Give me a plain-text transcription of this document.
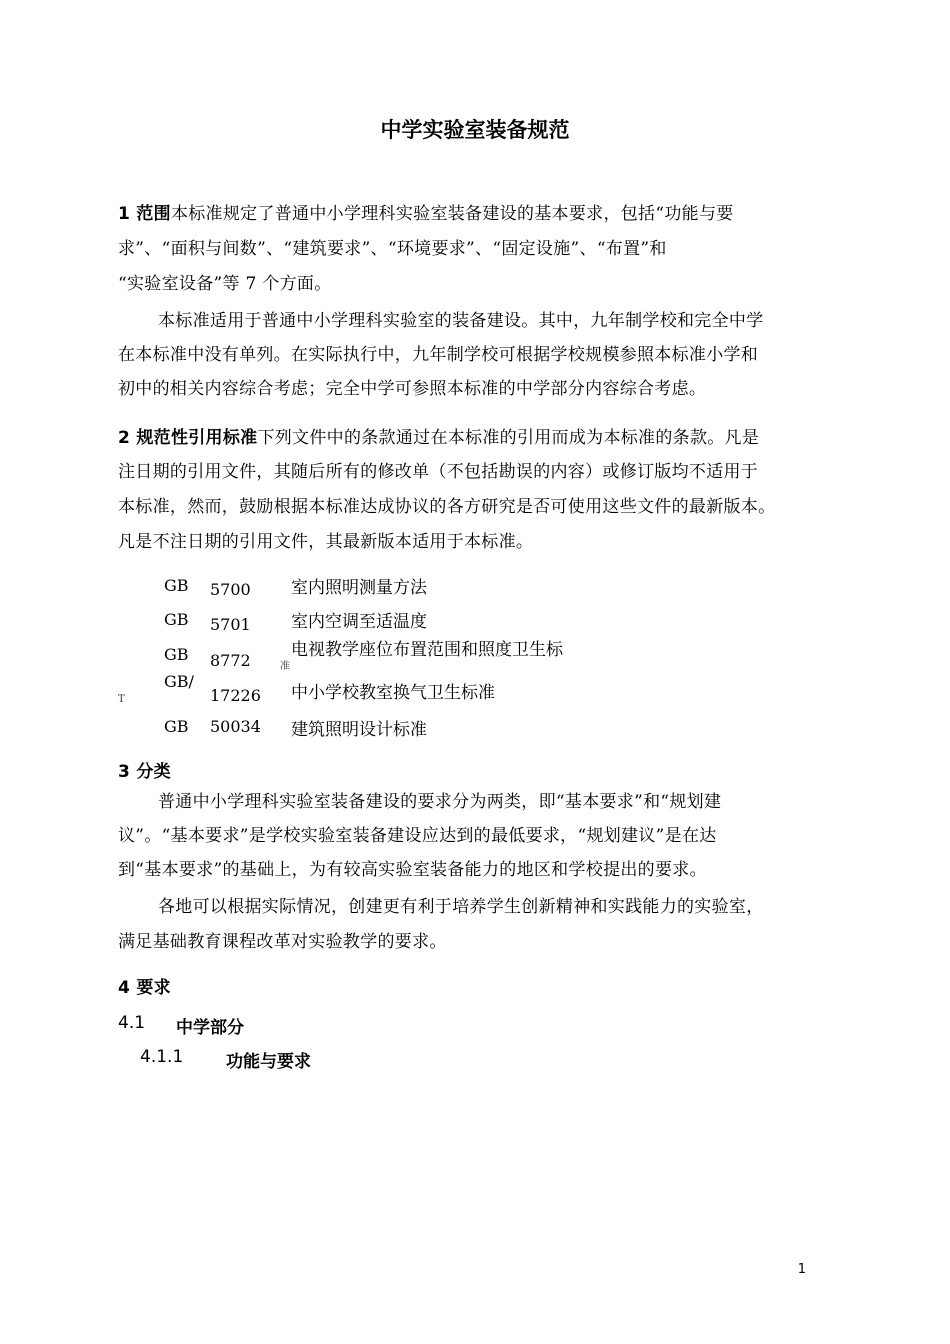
中学实验室装备规范
1 范围本标准规定了普通中小学理科实验室装备建设的基本要求，包括“功能与要
求”、“面积与间数”、“建筑要求”、“环境要求”、“固定设施”、“布置”和
“实验室设备”等 7 个方面。
本标准适用于普通中小学理科实验室的装备建设。其中，九年制学校和完全中学
在本标准中没有单列。在实际执行中，九年制学校可根据学校规模参照本标准小学和
初中的相关内容综合考虑；完全中学可参照本标准的中学部分内容综合考虑。
2 规范性引用标准下列文件中的条款通过在本标准的引用而成为本标准的条款。凡是
注日期的引用文件，其随后所有的修改单（不包括勘误的内容）或修订版均不适用于
本标准，然而，鼓励根据本标准达成协议的各方研究是否可使用这些文件的最新版本。
凡是不注日期的引用文件，其最新版本适用于本标准。
GB 5700 室内照明测量方法
GB 5701 室内空调至适温度
GB 8772
电视教学座位布置范围和照度卫生标
准
GB/
T	17226 中小学校教室换气卫生标准
GB 50034 建筑照明设计标准
3 分类
普通中小学理科实验室装备建设的要求分为两类，即“基本要求”和“规划建
议”。“基本要求”是学校实验室装备建设应达到的最低要求，“规划建议”是在达
到“基本要求”的基础上，为有较高实验室装备能力的地区和学校提出的要求。
各地可以根据实际情况，创建更有利于培养学生创新精神和实践能力的实验室，
满足基础教育课程改革对实验教学的要求。
4 要求
4.1 中学部分
4.1.1	功能与要求
1
